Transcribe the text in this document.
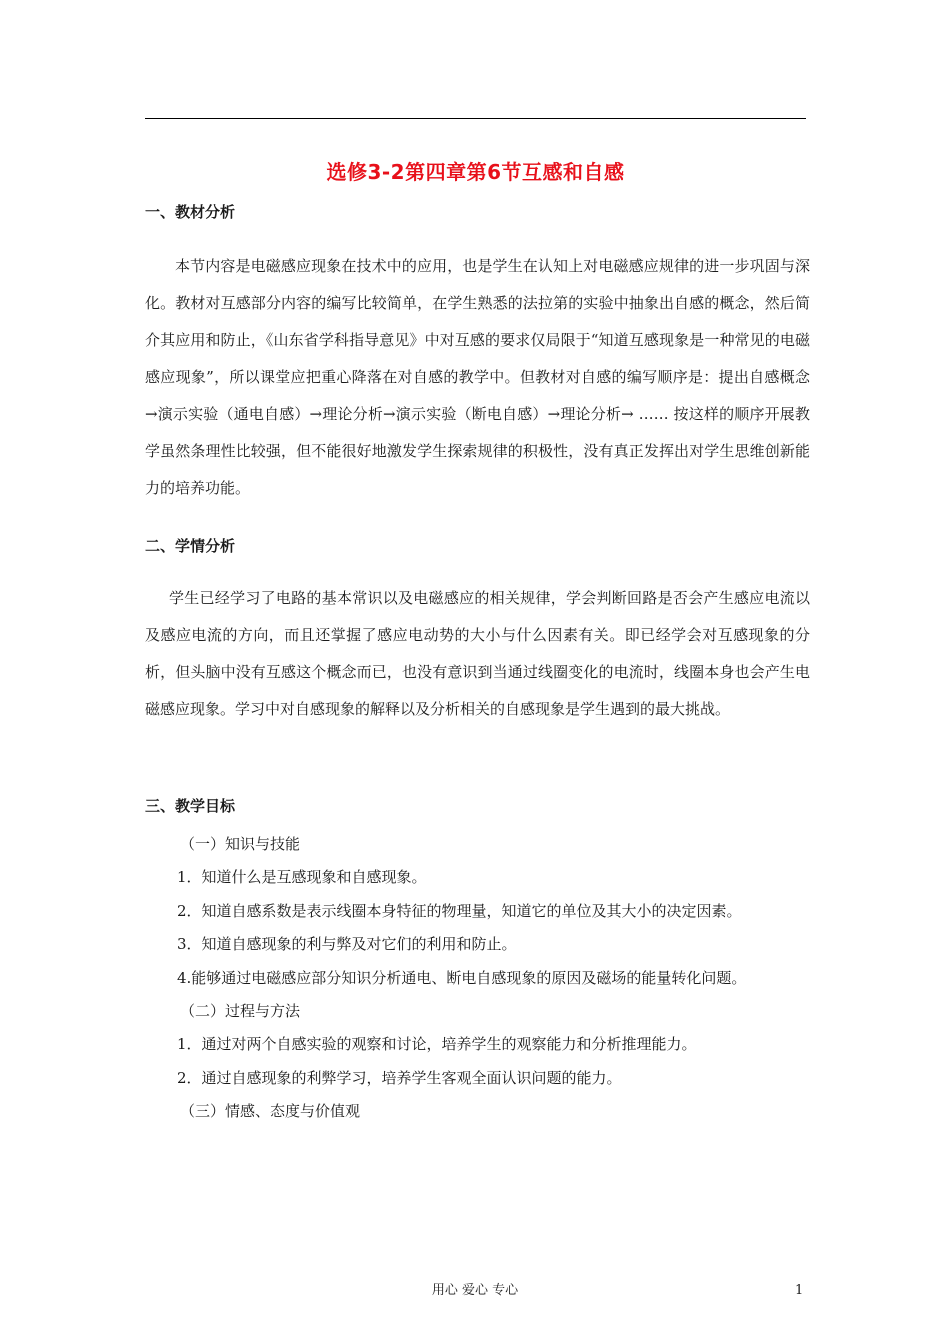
选修3-2第四章第6节互感和自感
一、教材分析

本节内容是电磁感应现象在技术中的应用，也是学生在认知上对电磁感应规律的进一步巩固与深化。教材对互感部分内容的编写比较简单，在学生熟悉的法拉第的实验中抽象出自感的概念，然后简介其应用和防止，《山东省学科指导意见》中对互感的要求仅局限于“知道互感现象是一种常见的电磁感应现象”，所以课堂应把重心降落在对自感的教学中。但教材对自感的编写顺序是：提出自感概念→演示实验（通电自感）→理论分析→演示实验（断电自感）→理论分析→ …… 按这样的顺序开展教学虽然条理性比较强，但不能很好地激发学生探索规律的积极性，没有真正发挥出对学生思维创新能力的培养功能。

二、学情分析

学生已经学习了电路的基本常识以及电磁感应的相关规律，学会判断回路是否会产生感应电流以及感应电流的方向，而且还掌握了感应电动势的大小与什么因素有关。即已经学会对互感现象的分析，但头脑中没有互感这个概念而已，也没有意识到当通过线圈变化的电流时，线圈本身也会产生电磁感应现象。学习中对自感现象的解释以及分析相关的自感现象是学生遇到的最大挑战。

三、教学目标
（一）知识与技能
1．知道什么是互感现象和自感现象。
2．知道自感系数是表示线圈本身特征的物理量，知道它的单位及其大小的决定因素。
3．知道自感现象的利与弊及对它们的利用和防止。
4.能够通过电磁感应部分知识分析通电、断电自感现象的原因及磁场的能量转化问题。
（二）过程与方法
1．通过对两个自感实验的观察和讨论，培养学生的观察能力和分析推理能力。
2．通过自感现象的利弊学习，培养学生客观全面认识问题的能力。
（三）情感、态度与价值观
用心 爱心 专心	1
